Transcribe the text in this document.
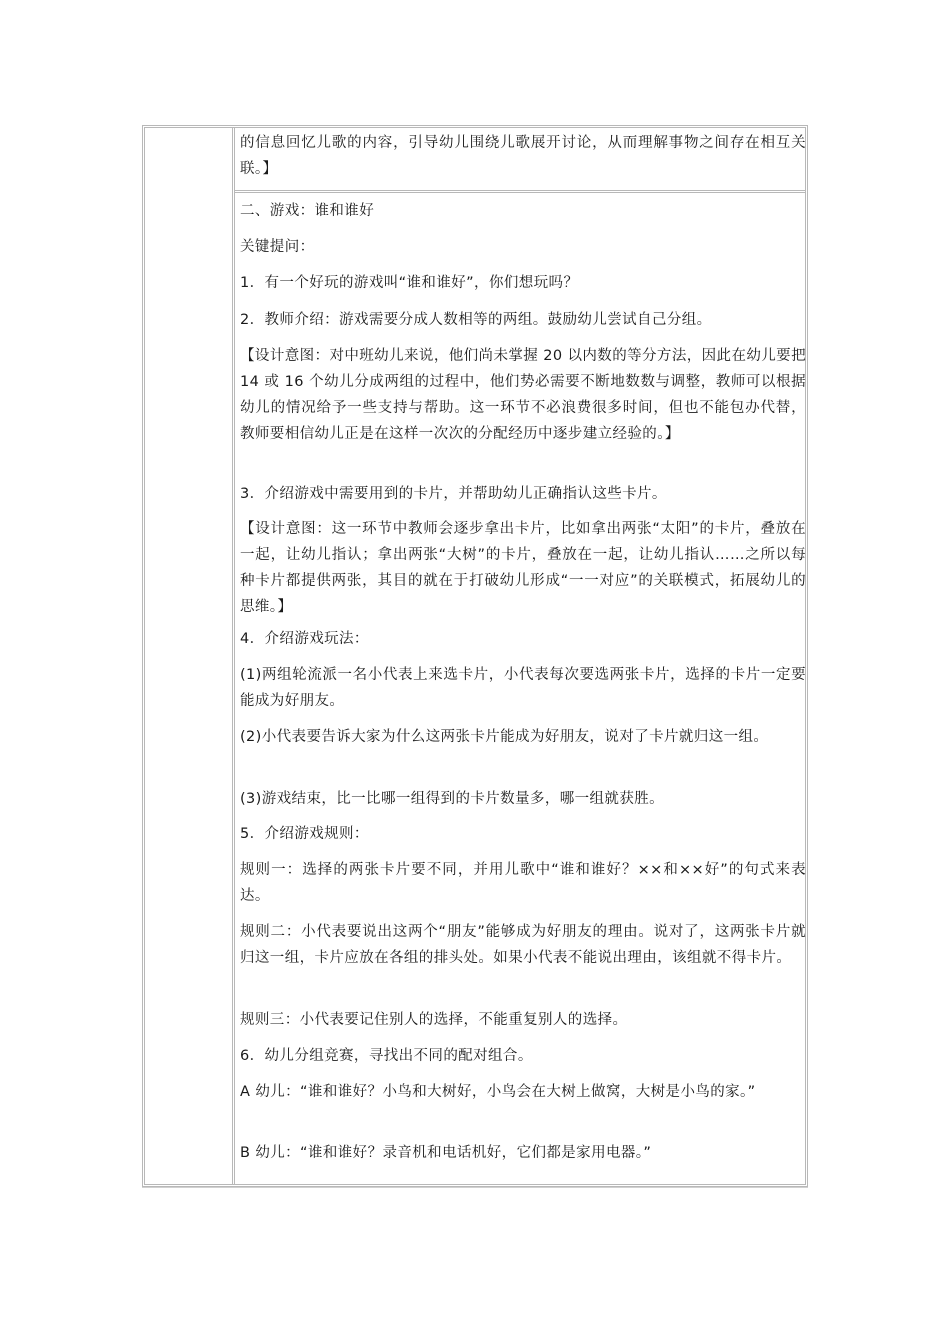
的信息回忆儿歌的内容，引导幼儿围绕儿歌展开讨论，从而理解事物之间存在相互关联。】

二、游戏：谁和谁好

关键提问：

1．有一个好玩的游戏叫“谁和谁好”，你们想玩吗？

2．教师介绍：游戏需要分成人数相等的两组。鼓励幼儿尝试自己分组。

【设计意图：对中班幼儿来说，他们尚未掌握 20 以内数的等分方法，因此在幼儿要把 14 或 16 个幼儿分成两组的过程中，他们势必需要不断地数数与调整，教师可以根据幼儿的情况给予一些支持与帮助。这一环节不必浪费很多时间，但也不能包办代替，教师要相信幼儿正是在这样一次次的分配经历中逐步建立经验的。】

3．介绍游戏中需要用到的卡片，并帮助幼儿正确指认这些卡片。

【设计意图：这一环节中教师会逐步拿出卡片，比如拿出两张“太阳”的卡片，叠放在一起，让幼儿指认；拿出两张“大树”的卡片，叠放在一起，让幼儿指认……之所以每种卡片都提供两张，其目的就在于打破幼儿形成“一一对应”的关联模式，拓展幼儿的思维。】

4．介绍游戏玩法：

(1)两组轮流派一名小代表上来选卡片，小代表每次要选两张卡片，选择的卡片一定要能成为好朋友。

(2)小代表要告诉大家为什么这两张卡片能成为好朋友，说对了卡片就归这一组。

(3)游戏结束，比一比哪一组得到的卡片数量多，哪一组就获胜。

5．介绍游戏规则：

规则一：选择的两张卡片要不同，并用儿歌中“谁和谁好？××和××好”的句式来表达。

规则二：小代表要说出这两个“朋友”能够成为好朋友的理由。说对了，这两张卡片就归这一组，卡片应放在各组的排头处。如果小代表不能说出理由，该组就不得卡片。

规则三：小代表要记住别人的选择，不能重复别人的选择。

6．幼儿分组竞赛，寻找出不同的配对组合。

A 幼儿：“谁和谁好？小鸟和大树好，小鸟会在大树上做窝，大树是小鸟的家。”

B 幼儿：“谁和谁好？录音机和电话机好，它们都是家用电器。”
